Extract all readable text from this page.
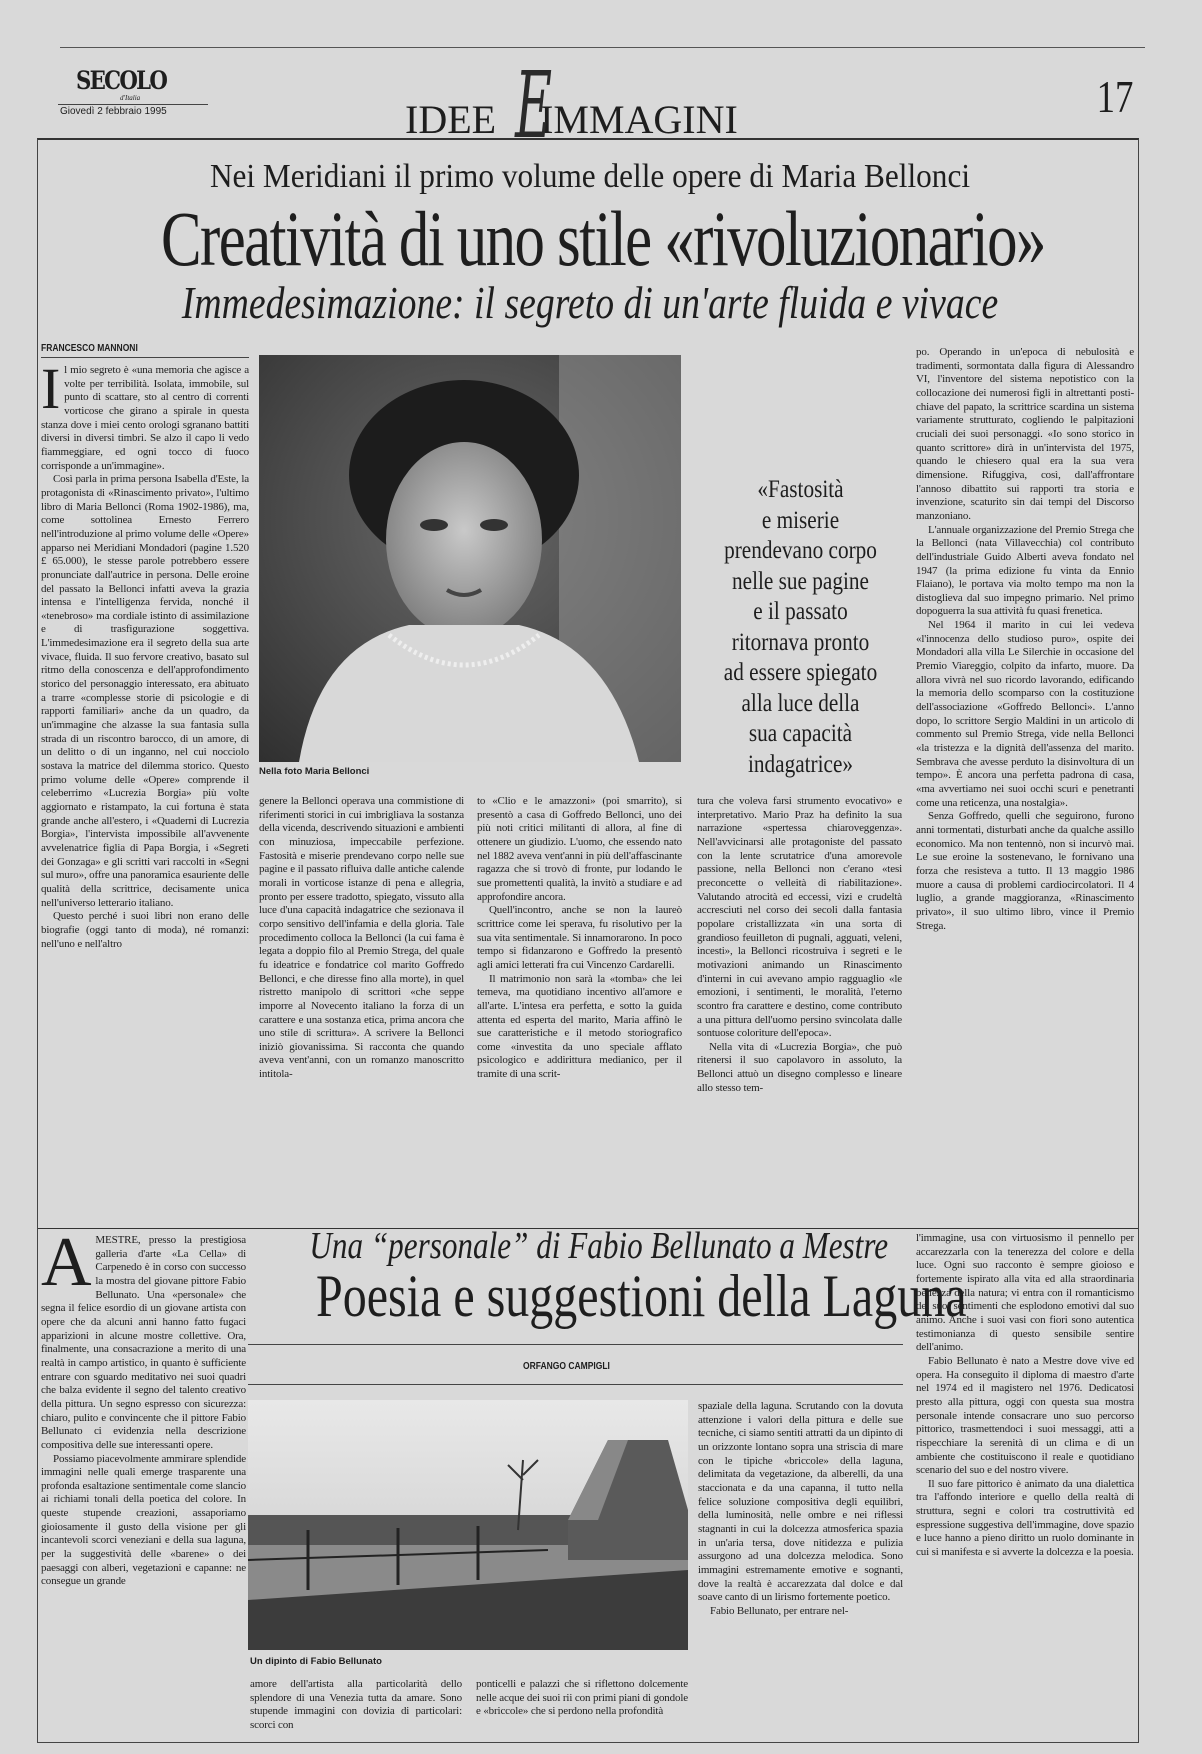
SECOLO
d'Italia
Giovedì 2 febbraio 1995	IDEE IMMAGINI
E	17
Nei Meridiani il primo volume delle opere di Maria Bellonci
Creatività di uno stile «rivoluzionario»
Immedesimazione: il segreto di un'arte fluida e vivace
FRANCESCO MANNONI

Il mio segreto è «una memoria che agisce a volte per terribilità. Isolata, immobile, sul punto di scattare, sto al centro di correnti vorticose che girano a spirale in questa stanza dove i miei cento orologi sgranano battiti diversi in diversi timbri. Se alzo il capo li vedo fiammeggiare, ed ogni tocco di fuoco corrisponde a un'immagine».

Così parla in prima persona Isabella d'Este, la protagonista di «Rinascimento privato», l'ultimo libro di Maria Bellonci (Roma 1902-1986), ma, come sottolinea Ernesto Ferrero nell'introduzione al primo volume delle «Opere» apparso nei Meridiani Mondadori (pagine 1.520 £ 65.000), le stesse parole potrebbero essere pronunciate dall'autrice in persona. Delle eroine del passato la Bellonci infatti aveva la grazia intensa e l'intelligenza fervida, nonché il «tenebroso» ma cordiale istinto di assimilazione e di trasfigurazione soggettiva. L'immedesimazione era il segreto della sua arte vivace, fluida. Il suo fervore creativo, basato sul ritmo della conoscenza e dell'approfondimento storico del personaggio interessato, era abituato a trarre «complesse storie di psicologie e di rapporti familiari» anche da un quadro, da un'immagine che alzasse la sua fantasia sulla strada di un riscontro barocco, di un amore, di un delitto o di un inganno, nel cui nocciolo sostava la matrice del dilemma storico. Questo primo volume delle «Opere» comprende il celeberrimo «Lucrezia Borgia» più volte aggiornato e ristampato, la cui fortuna è stata grande anche all'estero, i «Quaderni di Lucrezia Borgia», l'intervista impossibile all'avvenente avvelenatrice figlia di Papa Borgia, i «Segreti dei Gonzaga» e gli scritti vari raccolti in «Segni sul muro», offre una panoramica esauriente delle qualità della scrittrice, decisamente unica nell'universo letterario italiano.

Questo perché i suoi libri non erano delle biografie (oggi tanto di moda), né romanzi: nell'uno e nell'altro

Nella foto Maria Bellonci
«Fastosità
e miserie
prendevano corpo
nelle sue pagine
e il passato
ritornava pronto
ad essere spiegato
alla luce della
sua capacità
indagatrice»

genere la Bellonci operava una commistione di riferimenti storici in cui imbrigliava la sostanza della vicenda, descrivendo situazioni e ambienti con minuziosa, impeccabile perfezione. Fastosità e miserie prendevano corpo nelle sue pagine e il passato rifluiva dalle antiche calende morali in vorticose istanze di pena e allegria, pronto per essere tradotto, spiegato, vissuto alla luce d'una capacità indagatrice che sezionava il corpo sensitivo dell'infamia e della gloria. Tale procedimento colloca la Bellonci (la cui fama è legata a doppio filo al Premio Strega, del quale fu ideatrice e fondatrice col marito Goffredo Bellonci, e che diresse fino alla morte), in quel ristretto manipolo di scrittori «che seppe imporre al Novecento italiano la forza di un carattere e una sostanza etica, prima ancora che uno stile di scrittura». A scrivere la Bellonci iniziò giovanissima. Si racconta che quando aveva vent'anni, con un romanzo manoscritto intitola-

to «Clio e le amazzoni» (poi smarrito), si presentò a casa di Goffredo Bellonci, uno dei più noti critici militanti di allora, al fine di ottenere un giudizio. L'uomo, che essendo nato nel 1882 aveva vent'anni in più dell'affascinante ragazza che si trovò di fronte, pur lodando le sue promettenti qualità, la invitò a studiare e ad approfondire ancora.

Quell'incontro, anche se non la laureò scrittrice come lei sperava, fu risolutivo per la sua vita sentimentale. Si innamorarono. In poco tempo si fidanzarono e Goffredo la presentò agli amici letterati fra cui Vincenzo Cardarelli.

Il matrimonio non sarà la «tomba» che lei temeva, ma quotidiano incentivo all'amore e all'arte. L'intesa era perfetta, e sotto la guida attenta ed esperta del marito, Maria affinò le sue caratteristiche e il metodo storiografico come «investita da uno speciale afflato psicologico e addirittura medianico, per il tramite di una scrit-

tura che voleva farsi strumento evocativo» e interpretativo. Mario Praz ha definito la sua narrazione «spertessa chiaroveggenza». Nell'avvicinarsi alle protagoniste del passato con la lente scrutatrice d'una amorevole passione, nella Bellonci non c'erano «tesi preconcette o velleità di riabilitazione». Valutando atrocità ed eccessi, vizi e crudeltà accresciuti nel corso dei secoli dalla fantasia popolare cristallizzata «in una sorta di grandioso feuilleton di pugnali, agguati, veleni, incesti», la Bellonci ricostruiva i segreti e le motivazioni animando un Rinascimento d'interni in cui avevano ampio ragguaglio «le emozioni, i sentimenti, le moralità, l'eterno scontro fra carattere e destino, come contributo a una pittura dell'uomo persino svincolata dalle sontuose coloriture dell'epoca».

Nella vita di «Lucrezia Borgia», che può ritenersi il suo capolavoro in assoluto, la Bellonci attuò un disegno complesso e lineare allo stesso tem-

po. Operando in un'epoca di nebulosità e tradimenti, sormontata dalla figura di Alessandro VI, l'inventore del sistema nepotistico con la collocazione dei numerosi figli in altrettanti posti-chiave del papato, la scrittrice scardina un sistema variamente strutturato, cogliendo le palpitazioni cruciali dei suoi personaggi. «Io sono storico in quanto scrittore» dirà in un'intervista del 1975, quando le chiesero qual era la sua vera dimensione. Rifuggiva, così, dall'affrontare l'annoso dibattito sui rapporti tra storia e invenzione, scaturito sin dai tempi del Discorso manzoniano.

L'annuale organizzazione del Premio Strega che la Bellonci (nata Villavecchia) col contributo dell'industriale Guido Alberti aveva fondato nel 1947 (la prima edizione fu vinta da Ennio Flaiano), le portava via molto tempo ma non la distoglieva dal suo impegno primario. Nel primo dopoguerra la sua attività fu quasi frenetica.

Nel 1964 il marito in cui lei vedeva «l'innocenza dello studioso puro», ospite dei Mondadori alla villa Le Silerchie in occasione del Premio Viareggio, colpito da infarto, muore. Da allora vivrà nel suo ricordo lavorando, edificando la memoria dello scomparso con la costituzione dell'associazione «Goffredo Bellonci». L'anno dopo, lo scrittore Sergio Maldini in un articolo di commento sul Premio Strega, vide nella Bellonci «la tristezza e la dignità dell'assenza del marito. Sembrava che avesse perduto la disinvoltura di un tempo». È ancora una perfetta padrona di casa, «ma avvertiamo nei suoi occhi scuri e penetranti come una reticenza, una nostalgia».

Senza Goffredo, quelli che seguirono, furono anni tormentati, disturbati anche da qualche assillo economico. Ma non tentennò, non si incurvò mai. Le sue eroine la sostenevano, le fornivano una forza che resisteva a tutto. Il 13 maggio 1986 muore a causa di problemi cardiocircolatori. Il 4 luglio, a grande maggioranza, «Rinascimento privato», il suo ultimo libro, vince il Premio Strega.

AMESTRE, presso la prestigiosa galleria d'arte «La Cella» di Carpenedo è in corso con successo la mostra del giovane pittore Fabio Bellunato. Una «personale» che segna il felice esordio di un giovane artista con opere che da alcuni anni hanno fatto fugaci apparizioni in alcune mostre collettive. Ora, finalmente, una consacrazione a merito di una realtà in campo artistico, in quanto è sufficiente entrare con sguardo meditativo nei suoi quadri che balza evidente il segno del talento creativo della pittura. Un segno espresso con sicurezza: chiaro, pulito e convincente che il pittore Fabio Bellunato ci evidenzia nella descrizione compositiva delle sue interessanti opere.

Possiamo piacevolmente ammirare splendide immagini nelle quali emerge trasparente una profonda esaltazione sentimentale come slancio ai richiami tonali della poetica del colore. In queste stupende creazioni, assaporiamo gioiosamente il gusto della visione per gli incantevoli scorci veneziani e della sua laguna, per la suggestività delle «barene» o dei paesaggi con alberi, vegetazioni e capanne: ne consegue un grande

Una “personale” di Fabio Bellunato a Mestre
Poesia e suggestioni della Laguna
ORFANGO CAMPIGLI
Un dipinto di Fabio Bellunato

amore dell'artista alla particolarità dello splendore di una Venezia tutta da amare. Sono stupende immagini con dovizia di particolari: scorci con

ponticelli e palazzi che si riflettono dolcemente nelle acque dei suoi rii con primi piani di gondole e «briccole» che si perdono nella profondità

spaziale della laguna. Scrutando con la dovuta attenzione i valori della pittura e delle sue tecniche, ci siamo sentiti attratti da un dipinto di un orizzonte lontano sopra una striscia di mare con le tipiche «briccole» della laguna, delimitata da vegetazione, da alberelli, da una staccionata e da una capanna, il tutto nella felice soluzione compositiva degli equilibri, della luminosità, nelle ombre e nei riflessi stagnanti in cui la dolcezza atmosferica spazia in un'aria tersa, dove nitidezza e pulizia assurgono ad una dolcezza melodica. Sono immagini estremamente emotive e sognanti, dove la realtà è accarezzata dal dolce e dal soave canto di un lirismo fortemente poetico.

Fabio Bellunato, per entrare nel-

l'immagine, usa con virtuosismo il pennello per accarezzarla con la tenerezza del colore e della luce. Ogni suo racconto è sempre gioioso e fortemente ispirato alla vita ed alla straordinaria bellezza della natura; vi entra con il romanticismo dei suoi sentimenti che esplodono emotivi dal suo animo. Anche i suoi vasi con fiori sono autentica testimonianza di questo sensibile sentire dell'animo.

Fabio Bellunato è nato a Mestre dove vive ed opera. Ha conseguito il diploma di maestro d'arte nel 1974 ed il magistero nel 1976. Dedicatosi presto alla pittura, oggi con questa sua mostra personale intende consacrare uno suo percorso pittorico, trasmettendoci i suoi messaggi, atti a rispecchiare la serenità di un clima e di un ambiente che costituiscono il reale e quotidiano scenario del suo e del nostro vivere.

Il suo fare pittorico è animato da una dialettica tra l'affondo interiore e quello della realtà di struttura, segni e colori tra costruttività ed espressione suggestiva dell'immagine, dove spazio e luce hanno a pieno diritto un ruolo dominante in cui si manifesta e si avverte la dolcezza e la poesia.
